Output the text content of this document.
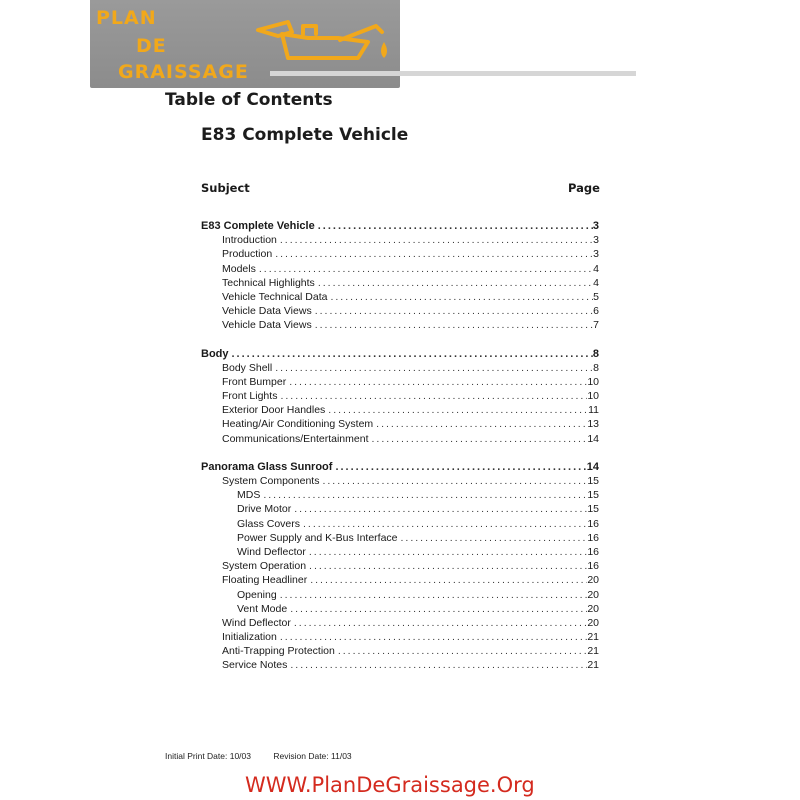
PLAN
DE
GRAISSAGE
Table of Contents
E83 Complete Vehicle
Subject	Page
E83 Complete Vehicle .....	3
Introduction .....	3
Production .....	3
Models .....	4
Technical Highlights .....	4
Vehicle Technical Data .....	5
Vehicle Data Views .....	6
Vehicle Data Views .....	7
Body .....	8
Body Shell .....	8
Front Bumper .....	10
Front Lights .....	10
Exterior Door Handles .....	11
Heating/Air Conditioning System .....	13
Communications/Entertainment .....	14
Panorama Glass Sunroof .....	14
System Components .....	15
MDS .....	15
Drive Motor .....	15
Glass Covers .....	16
Power Supply and K-Bus Interface .....	16
Wind Deflector .....	16
System Operation .....	16
Floating Headliner .....	20
Opening .....	20
Vent Mode .....	20
Wind Deflector .....	20
Initialization .....	21
Anti-Trapping Protection .....	21
Service Notes .....	21
Initial Print Date: 10/03	Revision Date: 11/03
WWW.PlanDeGraissage.Org
